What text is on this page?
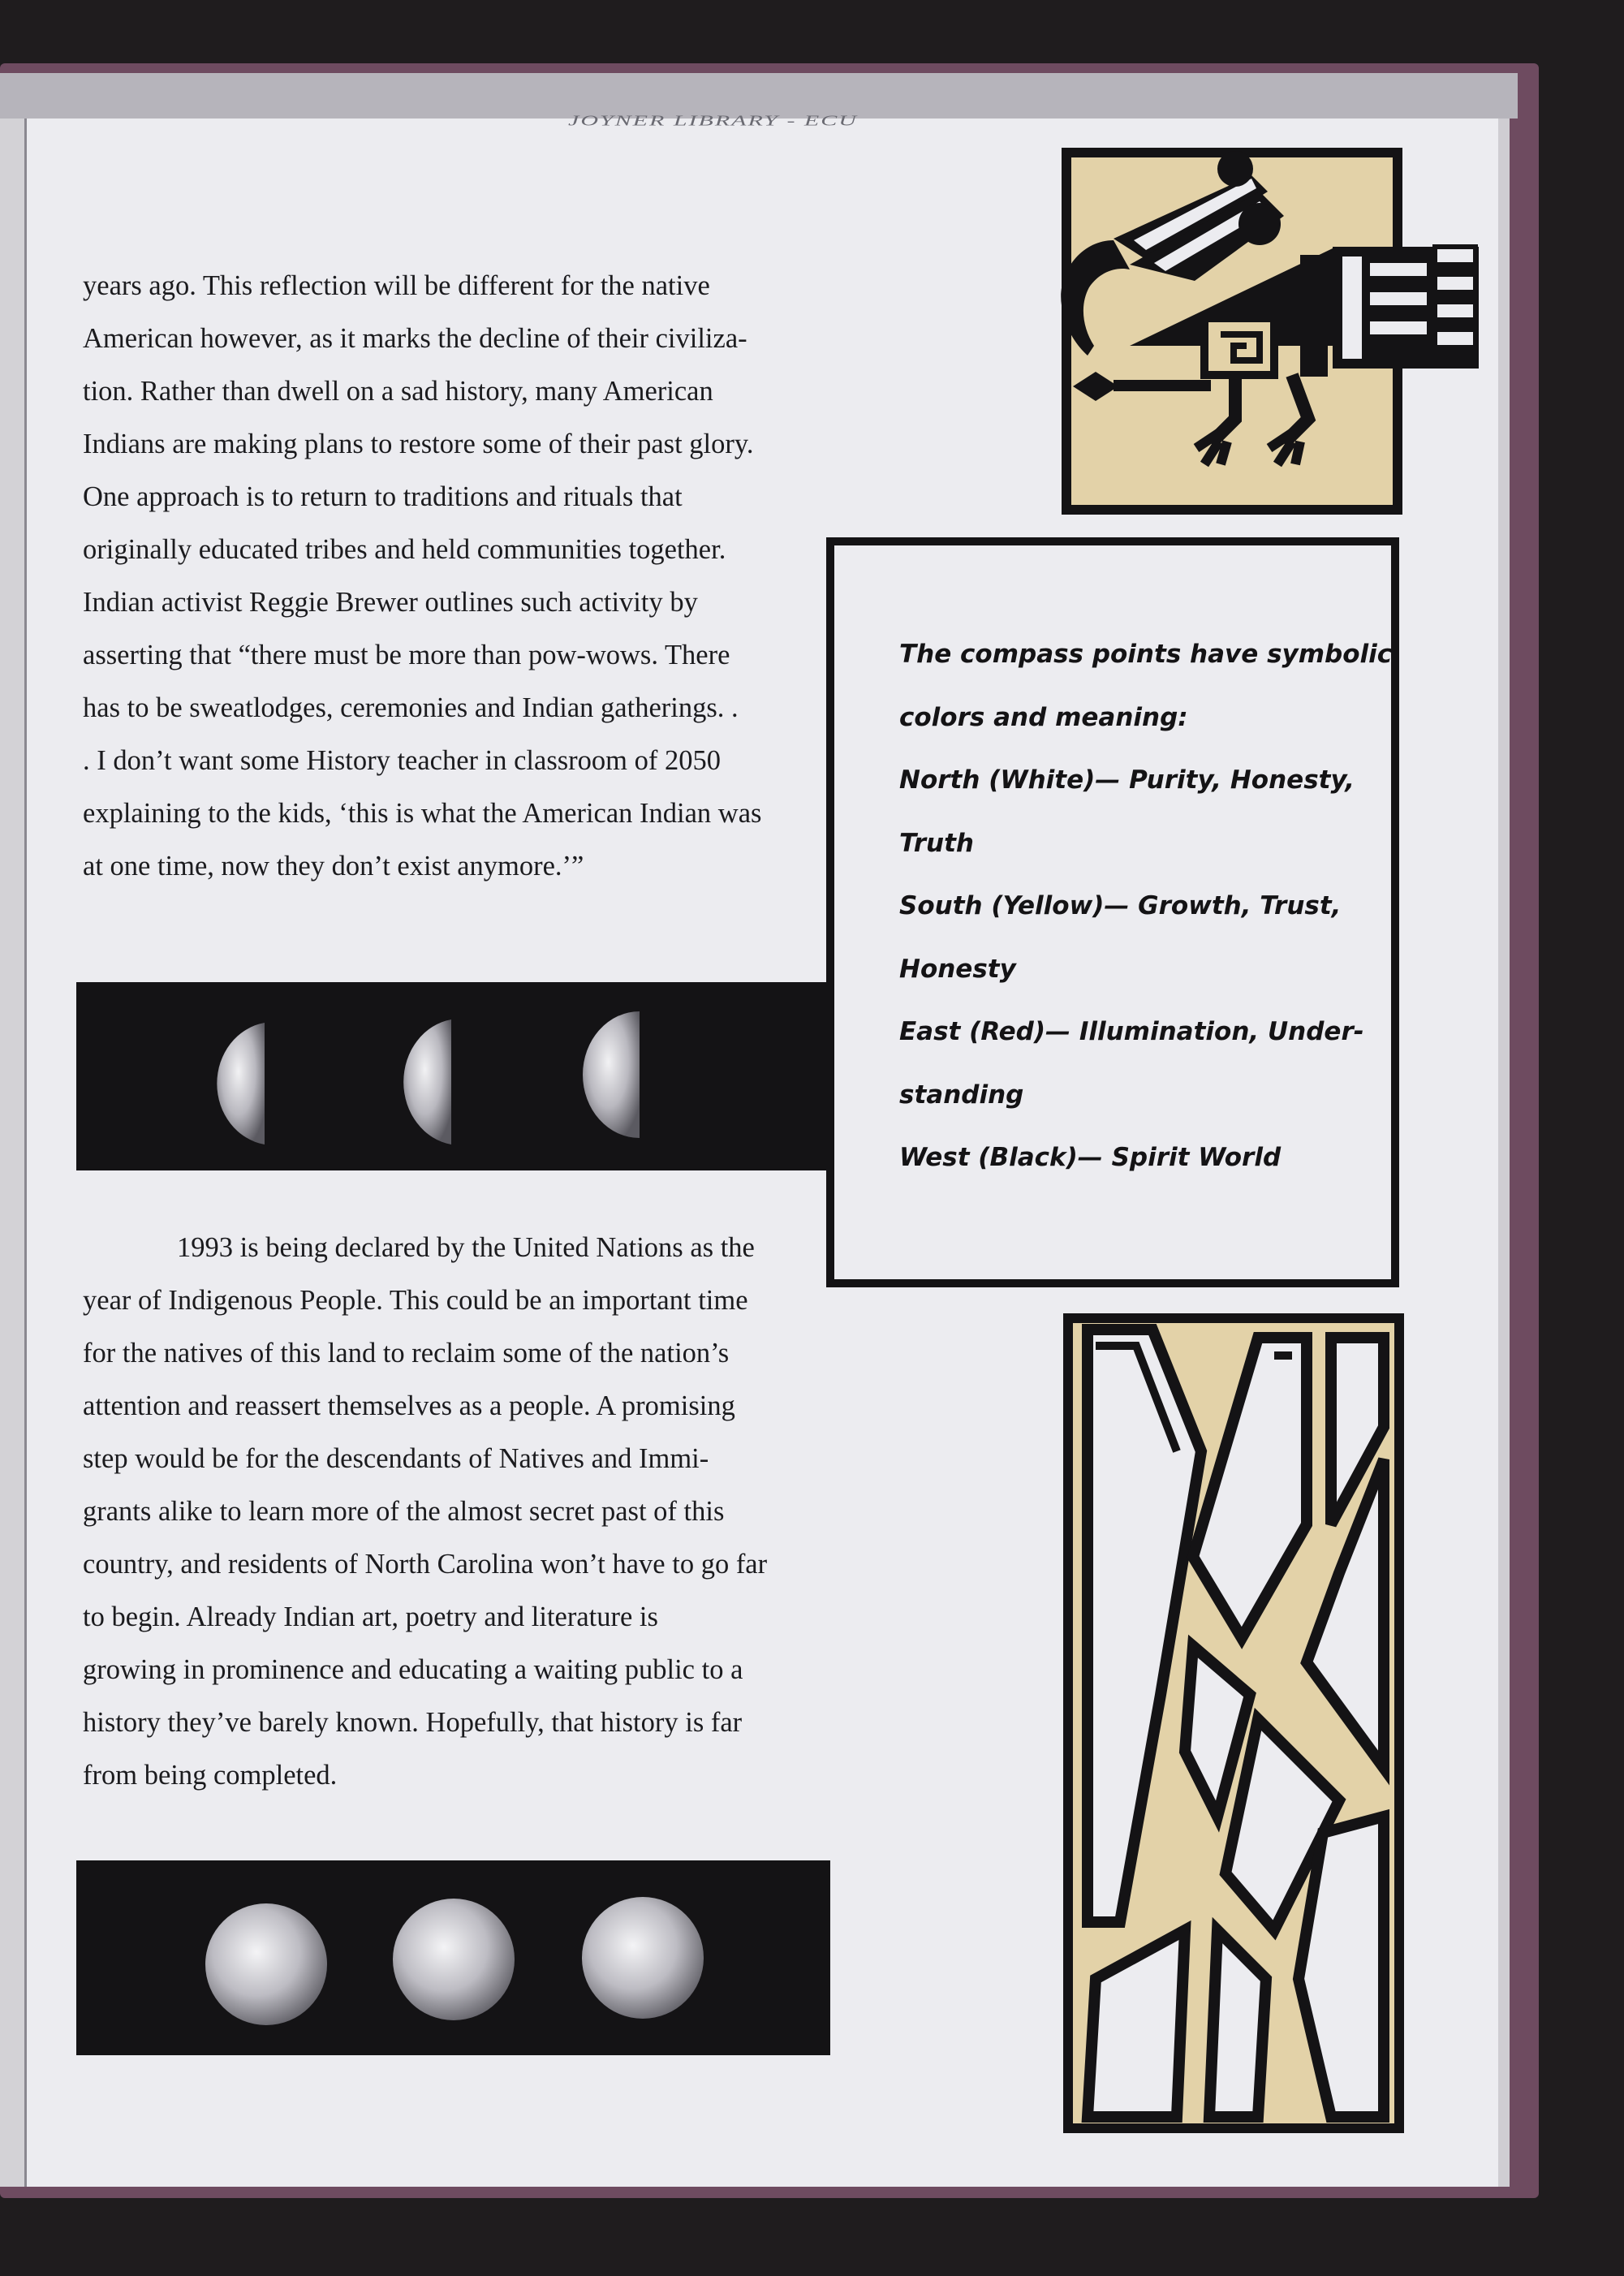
JOYNER LIBRARY - ECU

years ago. This reflection will be different for the native
American however, as it marks the decline of their civiliza-
tion. Rather than dwell on a sad history, many American
Indians are making plans to restore some of their past glory.
One approach is to return to traditions and rituals that
originally educated tribes and held communities together.
Indian activist Reggie Brewer outlines such activity by
asserting that “there must be more than pow-wows. There
has to be sweatlodges, ceremonies and Indian gatherings. .
. I don’t want some History teacher in classroom of 2050
explaining to the kids, ‘this is what the American Indian was
at one time, now they don’t exist anymore.’”

1993 is being declared by the United Nations as the
year of Indigenous People. This could be an important time
for the natives of this land to reclaim some of the nation’s
attention and reassert themselves as a people. A promising
step would be for the descendants of Natives and Immi-
grants alike to learn more of the almost secret past of this
country, and residents of North Carolina won’t have to go far
to begin. Already Indian art, poetry and literature is
growing in prominence and educating a waiting public to a
history they’ve barely known. Hopefully, that history is far
from being completed.

The compass points have symbolic
colors and meaning:
North (White)— Purity, Honesty,
Truth
South (Yellow)— Growth, Trust,
Honesty
East (Red)— Illumination, Under-
standing
West (Black)— Spirit World
